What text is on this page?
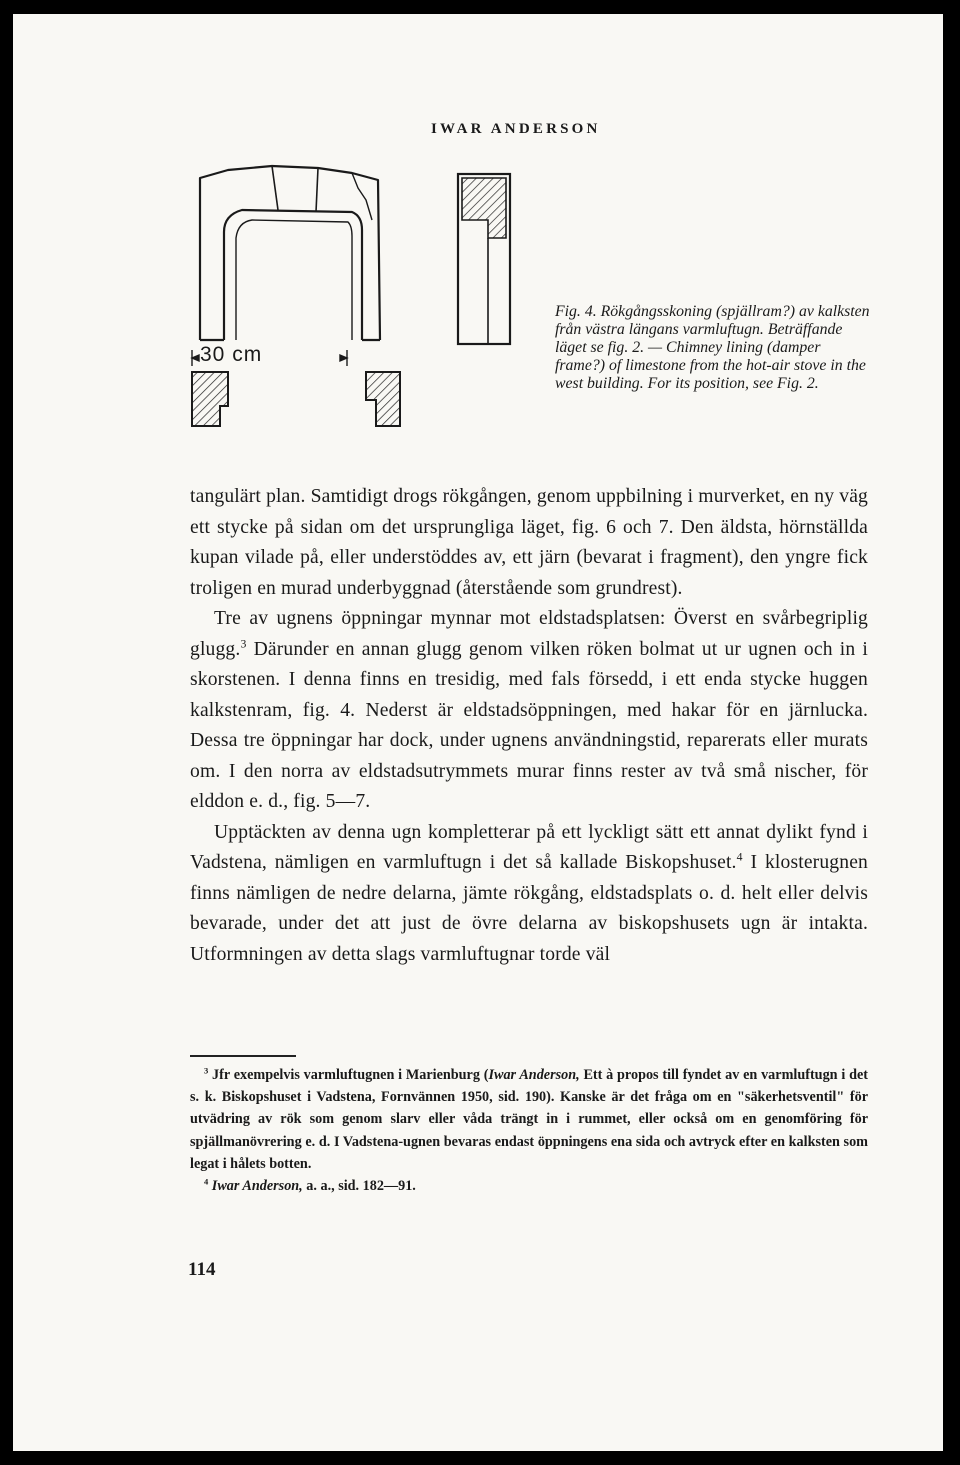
IWAR ANDERSON
30 cm

Fig. 4. Rökgångsskoning (spjällram?) av kalksten från västra längans varmluftugn. Beträffande läget se fig. 2. — Chimney lining (damper frame?) of limestone from the hot-air stove in the west building. For its position, see Fig. 2.

tangulärt plan. Samtidigt drogs rökgången, genom uppbilning i murverket, en ny väg ett stycke på sidan om det ursprungliga läget, fig. 6 och 7. Den äldsta, hörnställda kupan vilade på, eller understöddes av, ett järn (bevarat i fragment), den yngre fick troligen en murad underbyggnad (återstående som grundrest).

Tre av ugnens öppningar mynnar mot eldstadsplatsen: Överst en svårbegriplig glugg.$^3$ Därunder en annan glugg genom vilken röken bolmat ut ur ugnen och in i skorstenen. I denna finns en tresidig, med fals försedd, i ett enda stycke huggen kalkstenram, fig. 4. Nederst är eldstadsöppningen, med hakar för en järnlucka. Dessa tre öppningar har dock, under ugnens användningstid, reparerats eller murats om. I den norra av eldstadsutrymmets murar finns rester av två små nischer, för elddon e. d., fig. 5—7.

Upptäckten av denna ugn kompletterar på ett lyckligt sätt ett annat dylikt fynd i Vadstena, nämligen en varmluftugn i det så kallade Biskopshuset.$^4$ I klosterugnen finns nämligen de nedre delarna, jämte rökgång, eldstadsplats o. d. helt eller delvis bevarade, under det att just de övre delarna av biskopshusets ugn är intakta. Utformningen av detta slags varmluftugnar torde väl

$^3$ Jfr exempelvis varmluftugnen i Marienburg (Iwar Anderson, Ett à propos till fyndet av en varmluftugn i det s. k. Biskopshuset i Vadstena, Fornvännen 1950, sid. 190). Kanske är det fråga om en "säkerhetsventil" för utvädring av rök som genom slarv eller våda trängt in i rummet, eller också om en genomföring för spjällmanövrering e. d. I Vadstena-ugnen bevaras endast öppningens ena sida och avtryck efter en kalksten som legat i hålets botten.

$^4$ Iwar Anderson, a. a., sid. 182—91.

114
